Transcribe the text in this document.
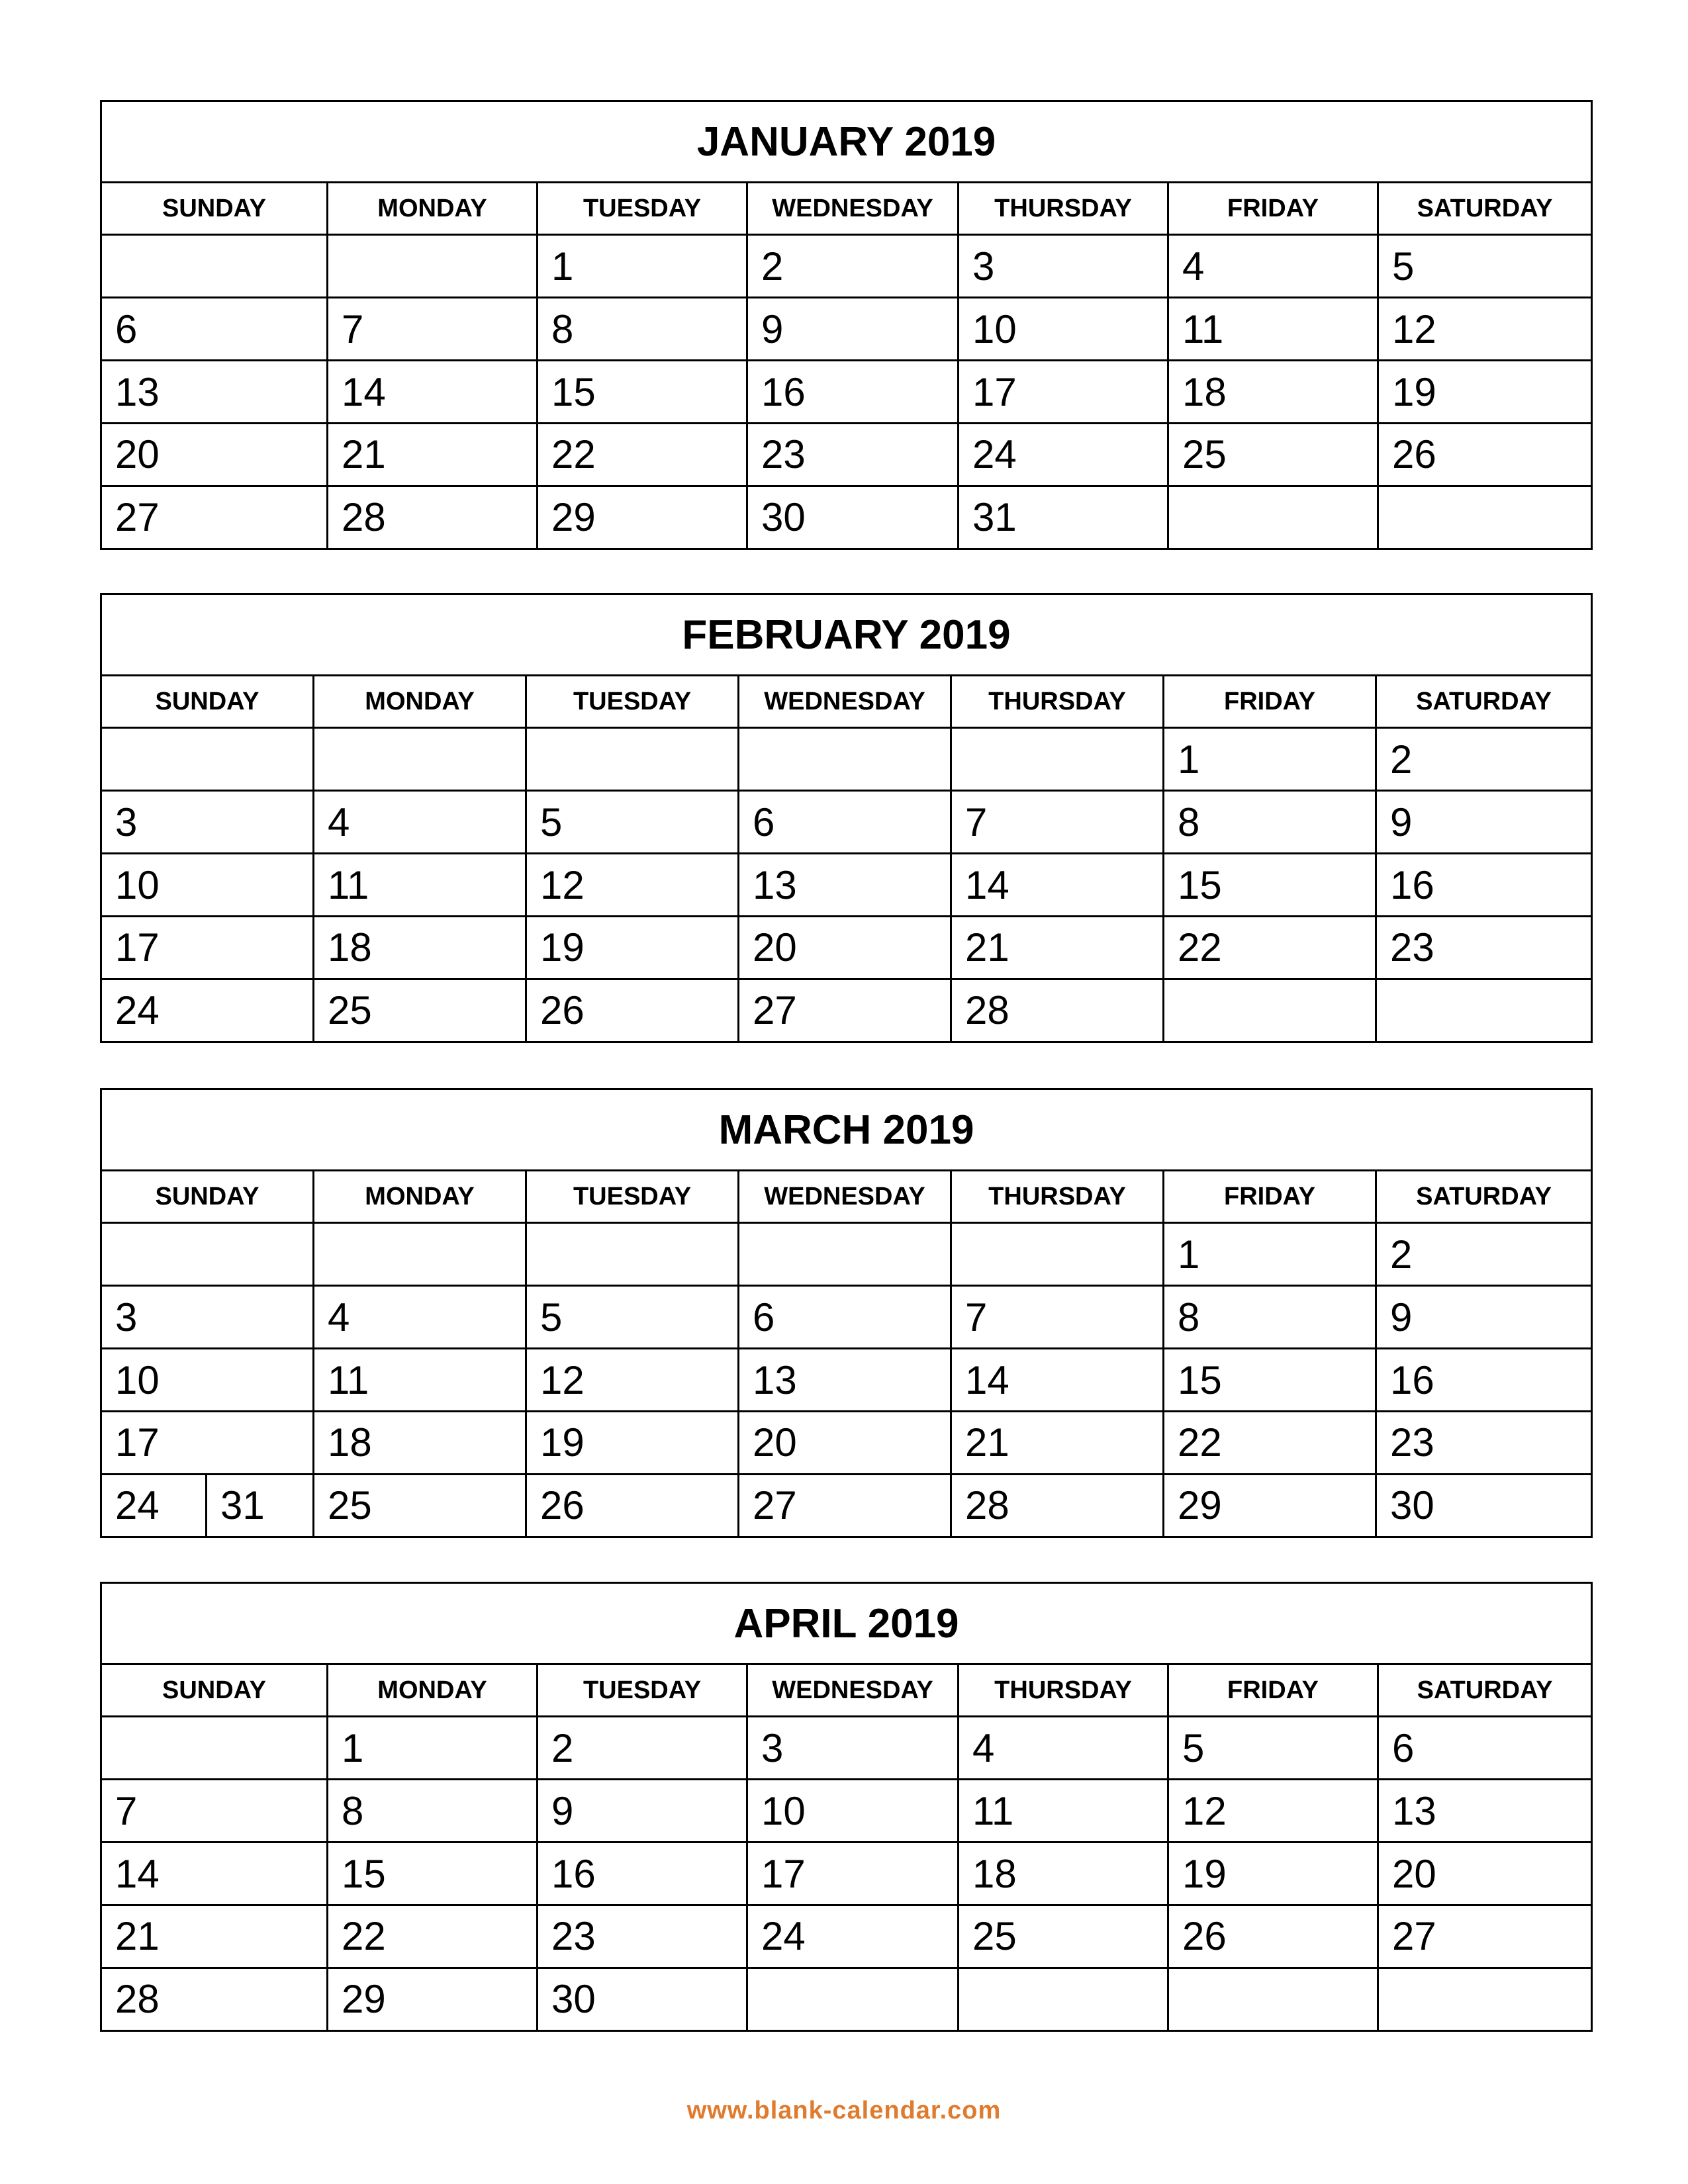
JANUARY 2019						
SUNDAY	MONDAY	TUESDAY	WEDNESDAY	THURSDAY	FRIDAY	SATURDAY
		1	2	3	4	5
6	7	8	9	10	11	12
13	14	15	16	17	18	19
20	21	22	23	24	25	26
27	28	29	30	31		
FEBRUARY 2019						
SUNDAY	MONDAY	TUESDAY	WEDNESDAY	THURSDAY	FRIDAY	SATURDAY
					1	2
3	4	5	6	7	8	9
10	11	12	13	14	15	16
17	18	19	20	21	22	23
24	25	26	27	28		
MARCH 2019						
SUNDAY	MONDAY	TUESDAY	WEDNESDAY	THURSDAY	FRIDAY	SATURDAY
					1	2
3	4	5	6	7	8	9
10	11	12	13	14	15	16
17	18	19	20	21	22	23

24 31	25	26	27	28	29	30
APRIL 2019						
SUNDAY	MONDAY	TUESDAY	WEDNESDAY	THURSDAY	FRIDAY	SATURDAY
	1	2	3	4	5	6
7	8	9	10	11	12	13
14	15	16	17	18	19	20
21	22	23	24	25	26	27
28	29	30				
www.blank-calendar.com
